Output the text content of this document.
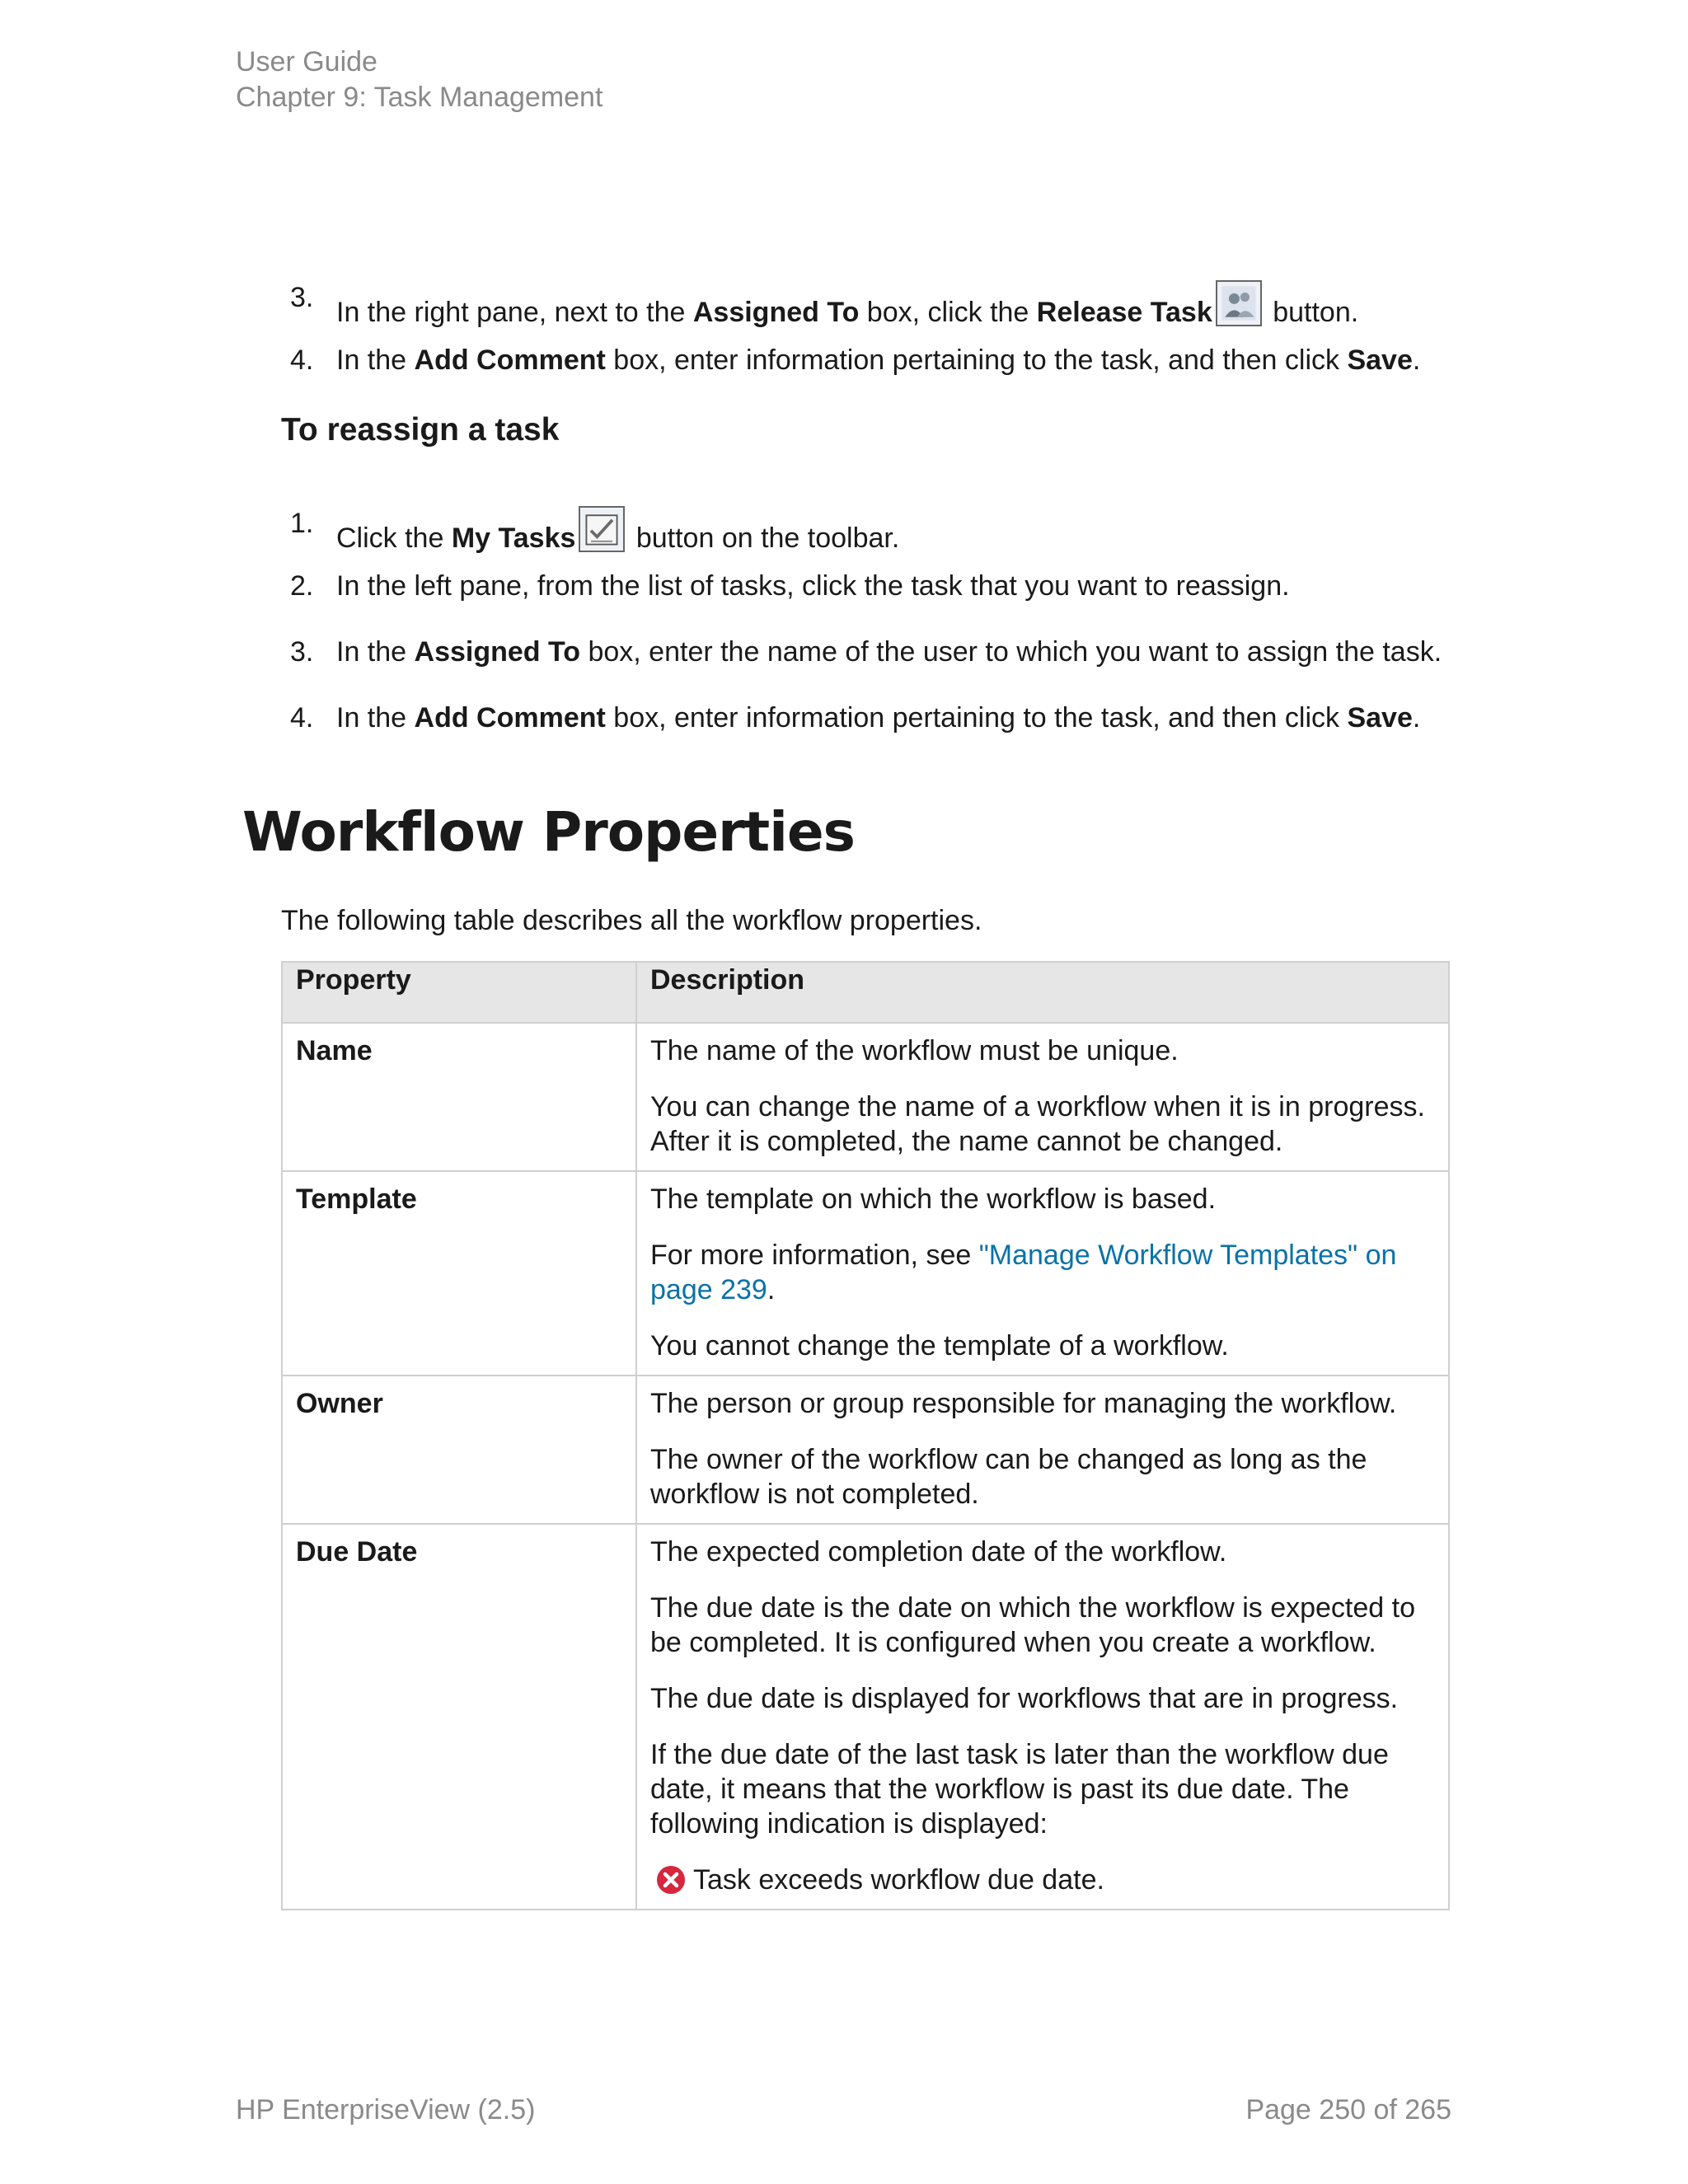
User Guide
Chapter 9: Task Management
3. In the right pane, next to the Assigned To box, click the Release Task
button.
4. In the Add Comment box, enter information pertaining to the task, and then click Save.
To reassign a task
1. Click the My Tasks
button on the toolbar.
2. In the left pane, from the list of tasks, click the task that you want to reassign.
3. In the Assigned To box, enter the name of the user to which you want to assign the task.
4. In the Add Comment box, enter information pertaining to the task, and then click Save.
Workflow Properties
The following table describes all the workflow properties.
Property	Description
Name	The name of the workflow must be unique.

You can change the name of a workflow when it is in progress. After it is completed, the name cannot be changed.

Template	The template on which the workflow is based.

For more information, see "Manage Workflow Templates" on page 239.

You cannot change the template of a workflow.

Owner	The person or group responsible for managing the workflow.

The owner of the workflow can be changed as long as the workflow is not completed.

Due Date	The expected completion date of the workflow.

The due date is the date on which the workflow is expected to be completed. It is configured when you create a workflow.

The due date is displayed for workflows that are in progress.

If the due date of the last task is later than the workflow due date, it means that the workflow is past its due date. The following indication is displayed:

Task exceeds workflow due date.

HP EnterpriseView (2.5)	Page 250 of 265
